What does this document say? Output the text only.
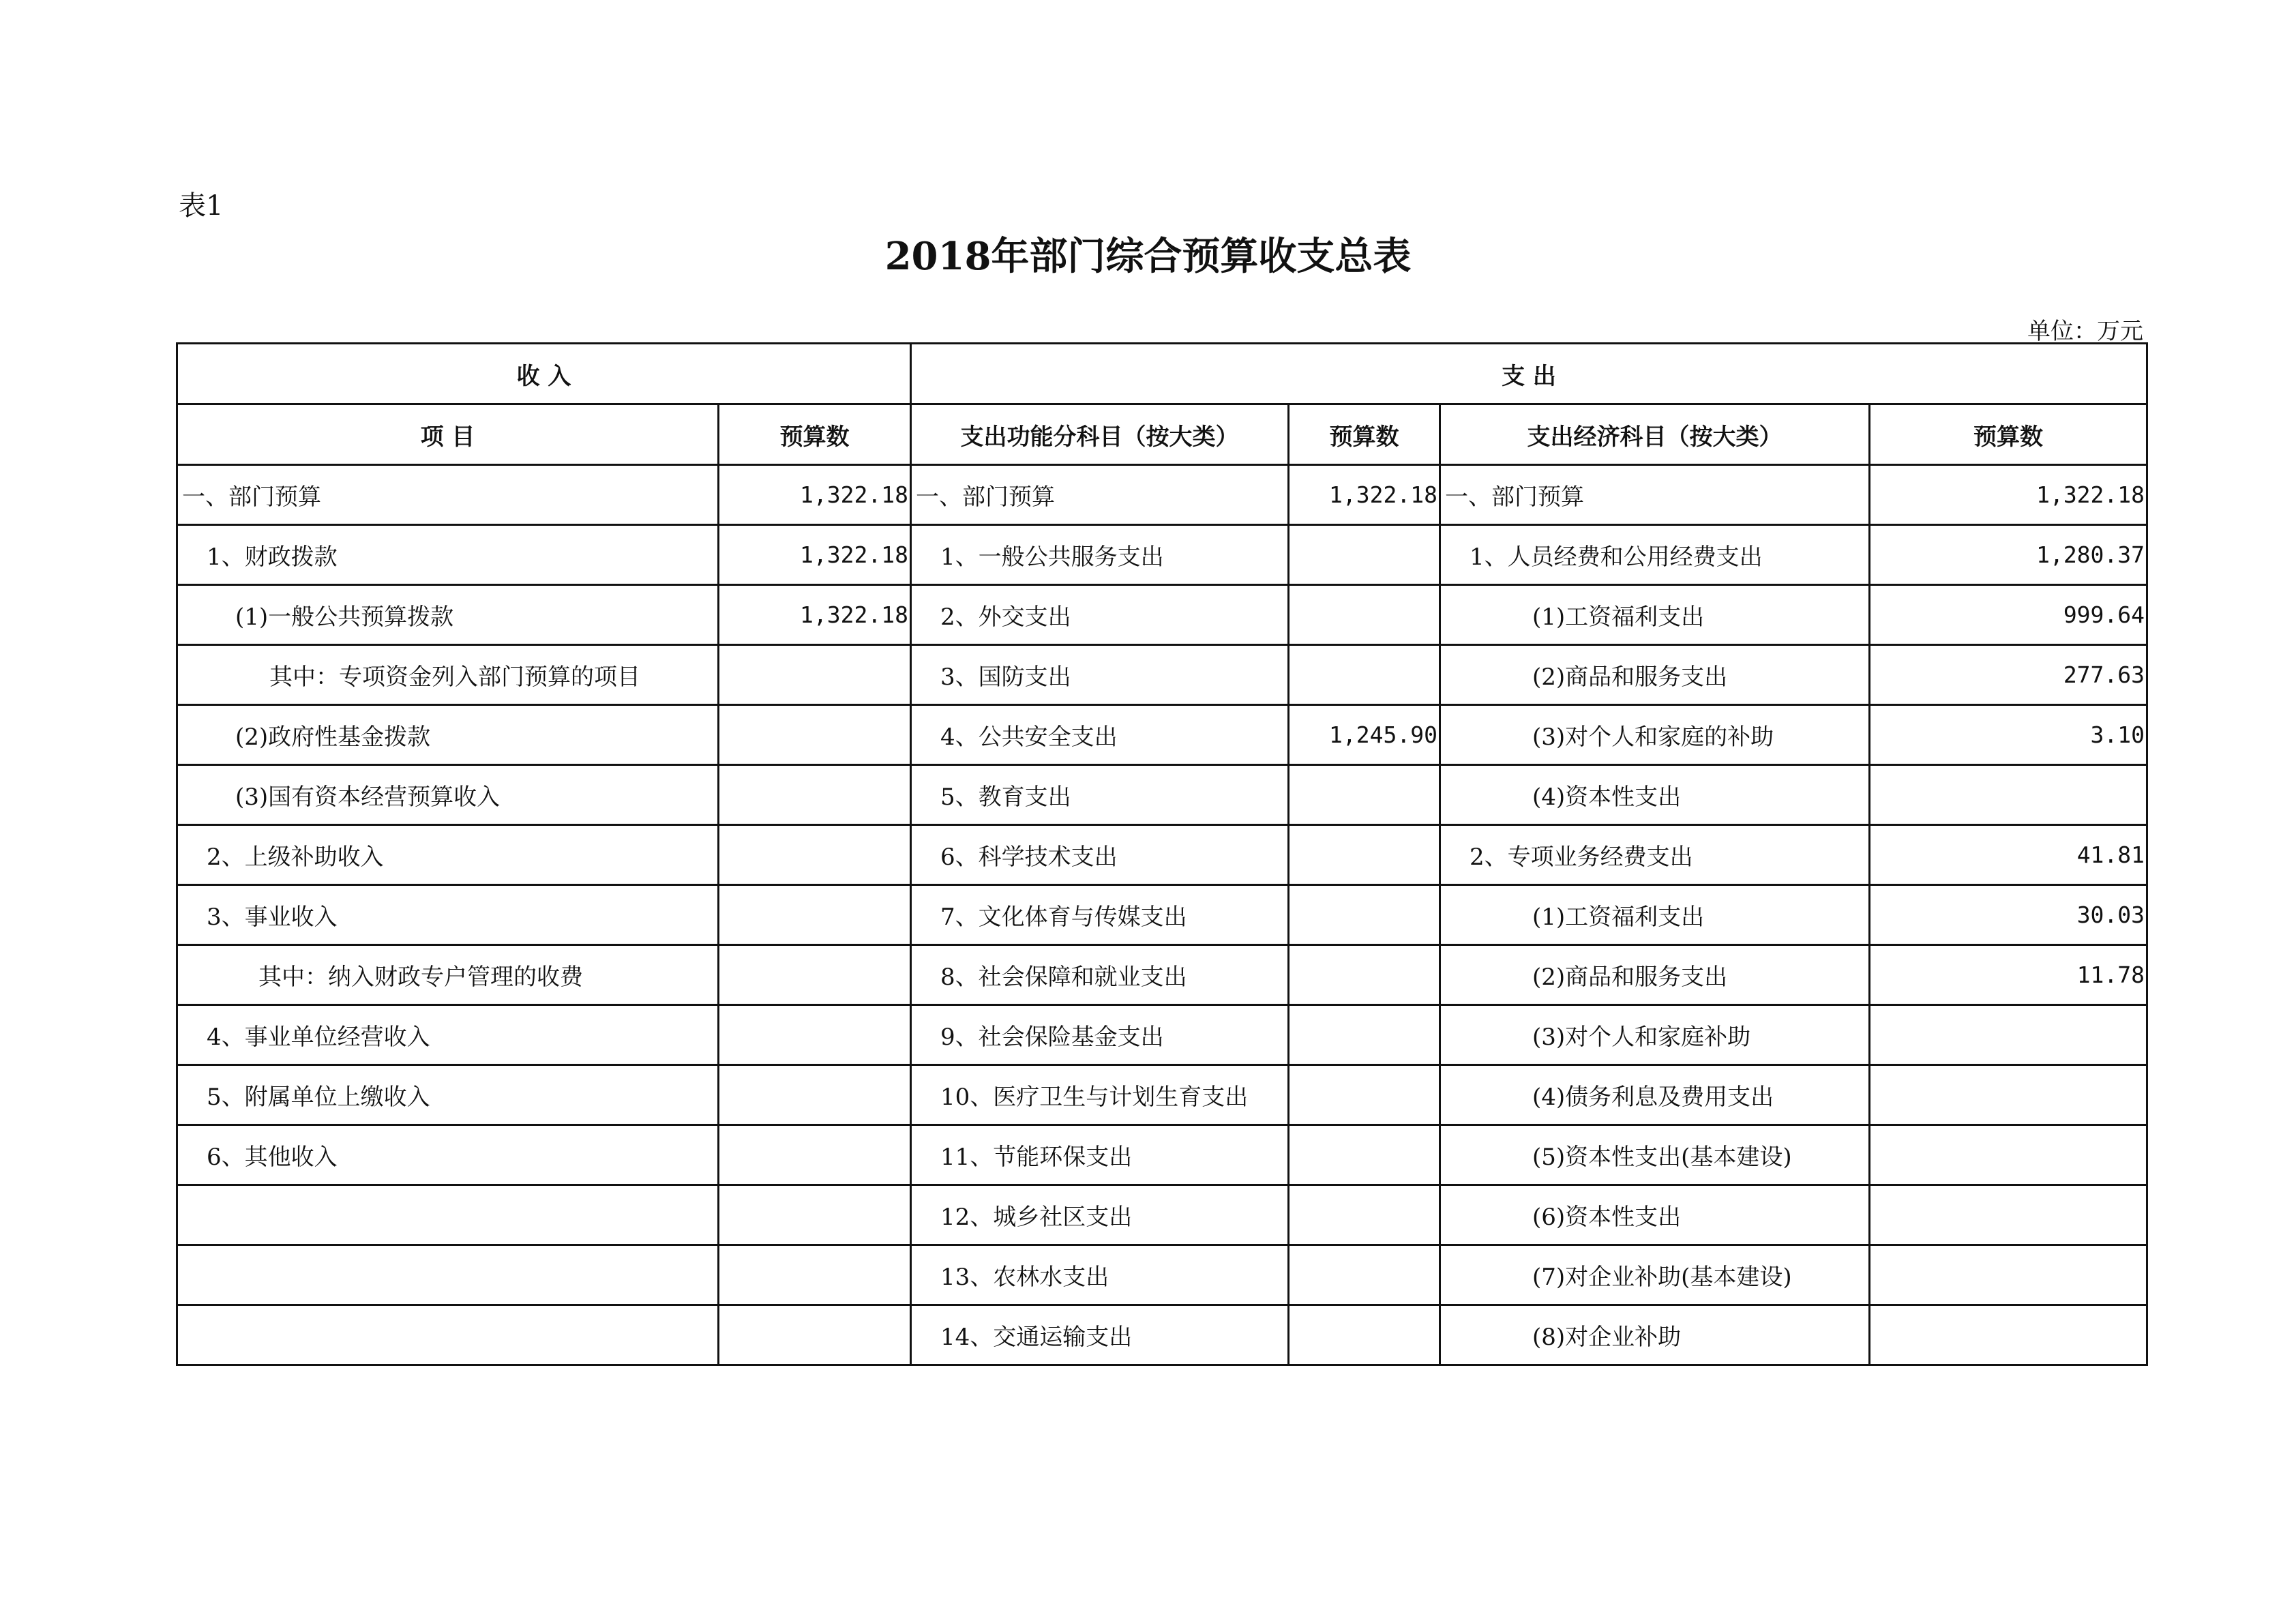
表1
2018年部门综合预算收支总表
单位：万元
收 入		支 出			
项 目	预算数	支出功能分科目（按大类）	预算数	支出经济科目（按大类）	预算数
一、部门预算	1,322.18	一、部门预算	1,322.18	一、部门预算	1,322.18
1、财政拨款	1,322.18	1、一般公共服务支出		1、人员经费和公用经费支出	1,280.37
(1)一般公共预算拨款	1,322.18	2、外交支出		(1)工资福利支出	999.64
其中：专项资金列入部门预算的项目		3、国防支出		(2)商品和服务支出	277.63
(2)政府性基金拨款		4、公共安全支出	1,245.90	(3)对个人和家庭的补助	3.10
(3)国有资本经营预算收入		5、教育支出		(4)资本性支出	
2、上级补助收入		6、科学技术支出		2、专项业务经费支出	41.81
3、事业收入		7、文化体育与传媒支出		(1)工资福利支出	30.03
其中：纳入财政专户管理的收费		8、社会保障和就业支出		(2)商品和服务支出	11.78
4、事业单位经营收入		9、社会保险基金支出		(3)对个人和家庭补助	
5、附属单位上缴收入		10、医疗卫生与计划生育支出		(4)债务利息及费用支出	
6、其他收入		11、节能环保支出		(5)资本性支出(基本建设)	
		12、城乡社区支出		(6)资本性支出	
		13、农林水支出		(7)对企业补助(基本建设)	
		14、交通运输支出		(8)对企业补助	
